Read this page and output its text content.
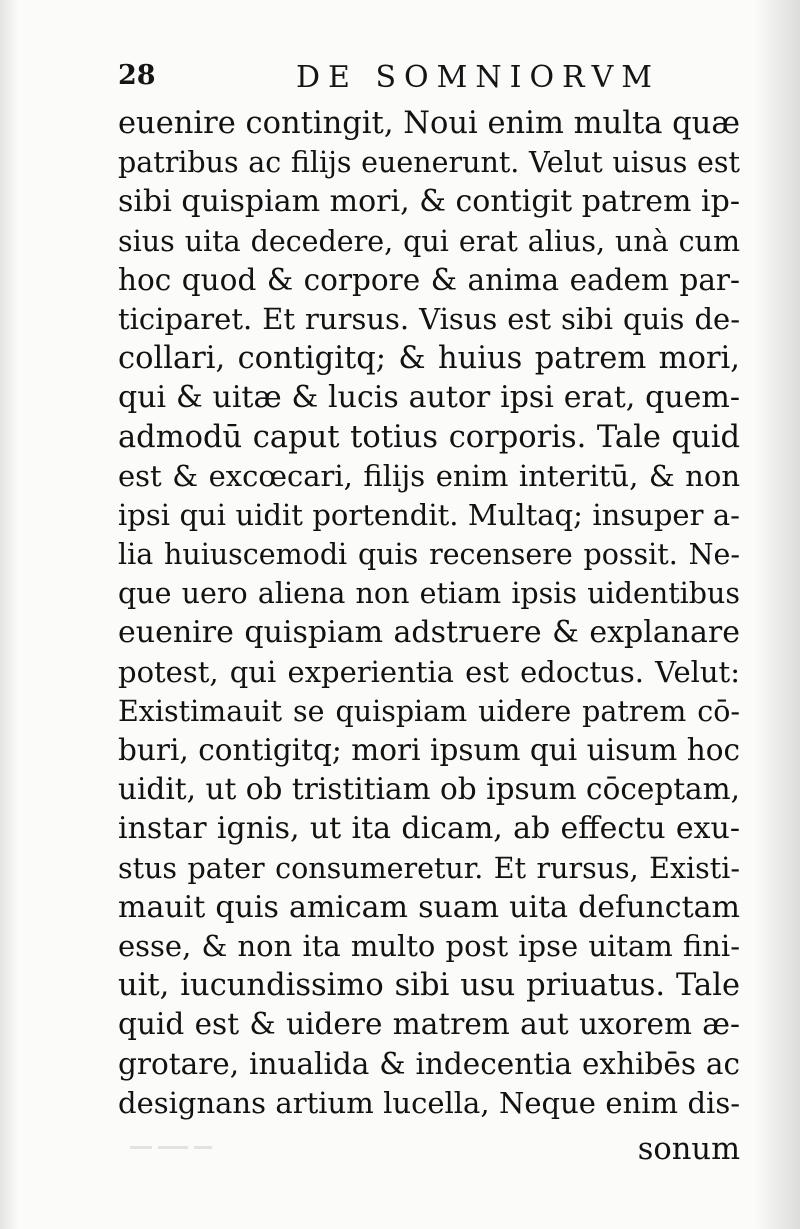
28	DE SOMNIORVM
euenire contingit, Noui enim multa quæ
patribus ac filijs euenerunt. Velut uisus est
sibi quispiam mori, & contigit patrem ip-
sius uita decedere, qui erat alius, unà cum
hoc quod & corpore & anima eadem par-
ticiparet. Et rursus. Visus est sibi quis de-
collari, contigitq; & huius patrem mori,
qui & uitæ & lucis autor ipsi erat, quem-
admodū caput totius corporis. Tale quid
est & excœcari, filijs enim interitū, & non
ipsi qui uidit portendit. Multaq; insuper a-
lia huiuscemodi quis recensere possit. Ne-
que uero aliena non etiam ipsis uidentibus
euenire quispiam adstruere & explanare
potest, qui experientia est edoctus. Velut:
Existimauit se quispiam uidere patrem cō-
buri, contigitq; mori ipsum qui uisum hoc
uidit, ut ob tristitiam ob ipsum cōceptam,
instar ignis, ut ita dicam, ab effectu exu-
stus pater consumeretur. Et rursus, Existi-
mauit quis amicam suam uita defunctam
esse, & non ita multo post ipse uitam fini-
uit, iucundissimo sibi usu priuatus. Tale
quid est & uidere matrem aut uxorem æ-
grotare, inualida & indecentia exhibēs ac
designans artium lucella, Neque enim dis-
sonum
